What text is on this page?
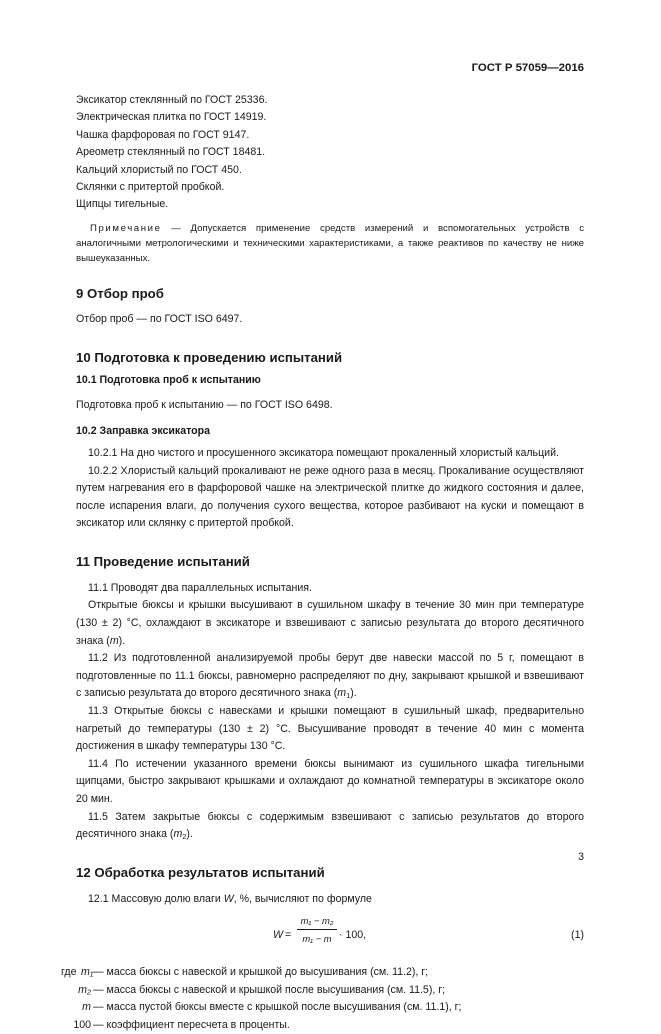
ГОСТ Р 57059—2016
Эксикатор стеклянный по ГОСТ 25336.
Электрическая плитка по ГОСТ 14919.
Чашка фарфоровая по ГОСТ 9147.
Ареометр стеклянный по ГОСТ 18481.
Кальций хлористый по ГОСТ 450.
Склянки с притертой пробкой.
Щипцы тигельные.

Примечание — Допускается применение средств измерений и вспомогательных устройств с аналогичными метрологическими и техническими характеристиками, а также реактивов по качеству не ниже вышеуказанных.

9 Отбор проб

Отбор проб — по ГОСТ ISO 6497.

10 Подготовка к проведению испытаний
10.1 Подготовка проб к испытанию

Подготовка проб к испытанию — по ГОСТ ISO 6498.

10.2 Заправка эксикатора

10.2.1 На дно чистого и просушенного эксикатора помещают прокаленный хлористый кальций.

10.2.2 Хлористый кальций прокаливают не реже одного раза в месяц. Прокаливание осуществляют путем нагревания его в фарфоровой чашке на электрической плитке до жидкого состояния и далее, после испарения влаги, до получения сухого вещества, которое разбивают на куски и помещают в эксикатор или склянку с притертой пробкой.

11 Проведение испытаний

11.1 Проводят два параллельных испытания.

Открытые бюксы и крышки высушивают в сушильном шкафу в течение 30 мин при температуре (130 ± 2) °С, охлаждают в эксикаторе и взвешивают с записью результата до второго десятичного знака (m).

11.2 Из подготовленной анализируемой пробы берут две навески массой по 5 г, помещают в подготовленные по 11.1 бюксы, равномерно распределяют по дну, закрывают крышкой и взвешивают с записью результата до второго десятичного знака $(m_1)$.

11.3 Открытые бюксы с навесками и крышки помещают в сушильный шкаф, предварительно нагретый до температуры (130 ± 2) °С. Высушивание проводят в течение 40 мин с момента достижения в шкафу температуры 130 °С.

11.4 По истечении указанного времени бюксы вынимают из сушильного шкафа тигельными щипцами, быстро закрывают крышками и охлаждают до комнатной температуры в эксикаторе около 20 мин.

11.5 Затем закрытые бюксы с содержимым взвешивают с записью результатов до второго десятичного знака $(m_2)$.

12 Обработка результатов испытаний

12.1 Массовую долю влаги W, %, вычисляют по формуле

W =
m₁ − m₂
m₁ − m · 100,	(1)
где m₁ — масса бюксы с навеской и крышкой до высушивания (см. 11.2), г;
m₂ — масса бюксы с навеской и крышкой после высушивания (см. 11.5), г;
m — масса пустой бюксы вместе с крышкой после высушивания (см. 11.1), г;
100 — коэффициент пересчета в проценты.
3
